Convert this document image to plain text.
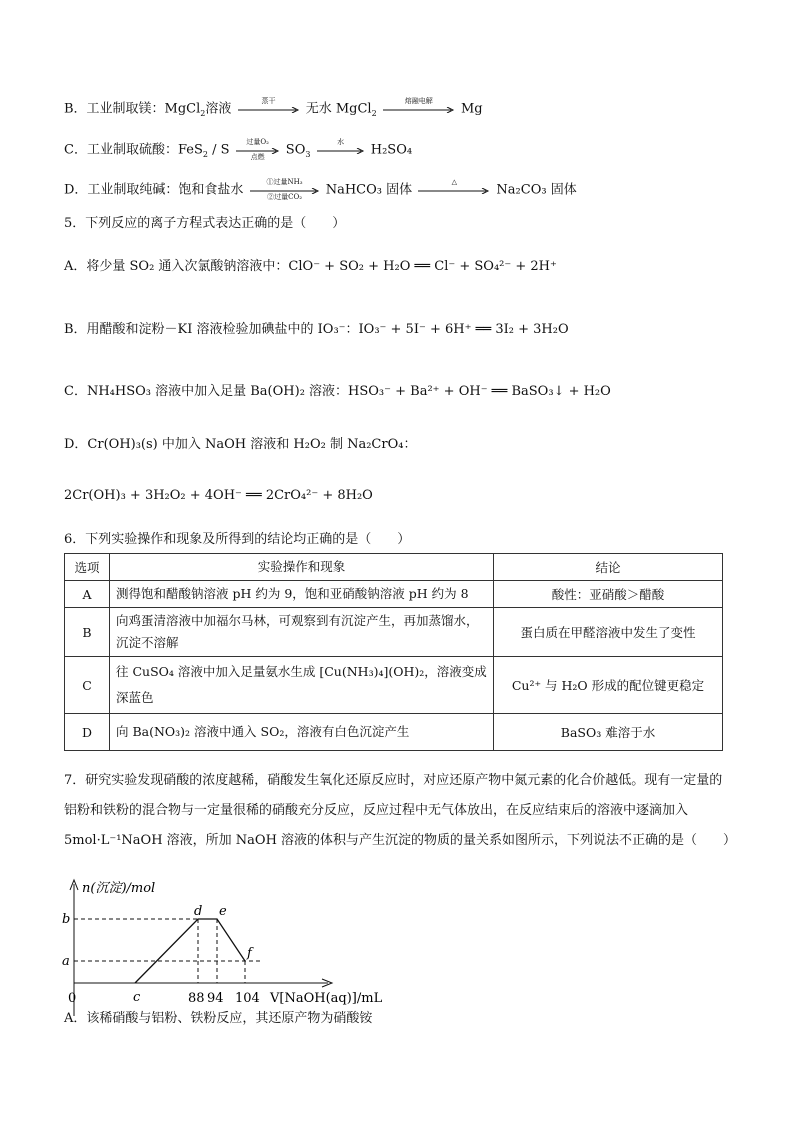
B．工业制取镁：MgCl$_2$溶液
蒸干
无水 MgCl$_2$
熔融电解
Mg
C．工业制取硫酸：FeS$_2$ / S
过量O₂
点燃	$SO_3$
水
H₂SO₄
D．工业制取纯碱：饱和食盐水
①过量NH₃
②过量CO₂	NaHCO₃ 固体
△
Na₂CO₃ 固体
5．下列反应的离子方程式表达正确的是（　　）
A．将少量 SO₂ 通入次氯酸钠溶液中：ClO⁻ + SO₂ + H₂O ══ Cl⁻ + SO₄²⁻ + 2H⁺
B．用醋酸和淀粉－KI 溶液检验加碘盐中的 IO₃⁻：IO₃⁻ + 5I⁻ + 6H⁺ ══ 3I₂ + 3H₂O
C．NH₄HSO₃ 溶液中加入足量 Ba(OH)₂ 溶液：HSO₃⁻ + Ba²⁺ + OH⁻ ══ BaSO₃↓ + H₂O
D．Cr(OH)₃(s) 中加入 NaOH 溶液和 H₂O₂ 制 Na₂CrO₄：
2Cr(OH)₃ + 3H₂O₂ + 4OH⁻ ══ 2CrO₄²⁻ + 8H₂O
6．下列实验操作和现象及所得到的结论均正确的是（　　）
选项	实验操作和现象	结论
A	测得饱和醋酸钠溶液 pH 约为 9，饱和亚硝酸钠溶液 pH 约为 8	酸性：亚硝酸＞醋酸
B	向鸡蛋清溶液中加福尔马林，可观察到有沉淀产生，再加蒸馏水，沉淀不溶解	蛋白质在甲醛溶液中发生了变性
C	往 CuSO₄ 溶液中加入足量氨水生成 [Cu(NH₃)₄](OH)₂，溶液变成深蓝色	Cu²⁺ 与 H₂O 形成的配位键更稳定
D	向 Ba(NO₃)₂ 溶液中通入 SO₂，溶液有白色沉淀产生	BaSO₃ 难溶于水
7．研究实验发现硝酸的浓度越稀，硝酸发生氧化还原反应时，对应还原产物中氮元素的化合价越低。现有一定量的铝粉和铁粉的混合物与一定量很稀的硝酸充分反应，反应过程中无气体放出，在反应结束后的溶液中逐滴加入 5mol·L⁻¹NaOH 溶液，所加 NaOH 溶液的体积与产生沉淀的物质的量关系如图所示，下列说法不正确的是（　　）
n(沉淀)/mol
V[NaOH(aq)]/mL
0	c
d e
f
88 94 104
b
a
A．该稀硝酸与铝粉、铁粉反应，其还原产物为硝酸铵
